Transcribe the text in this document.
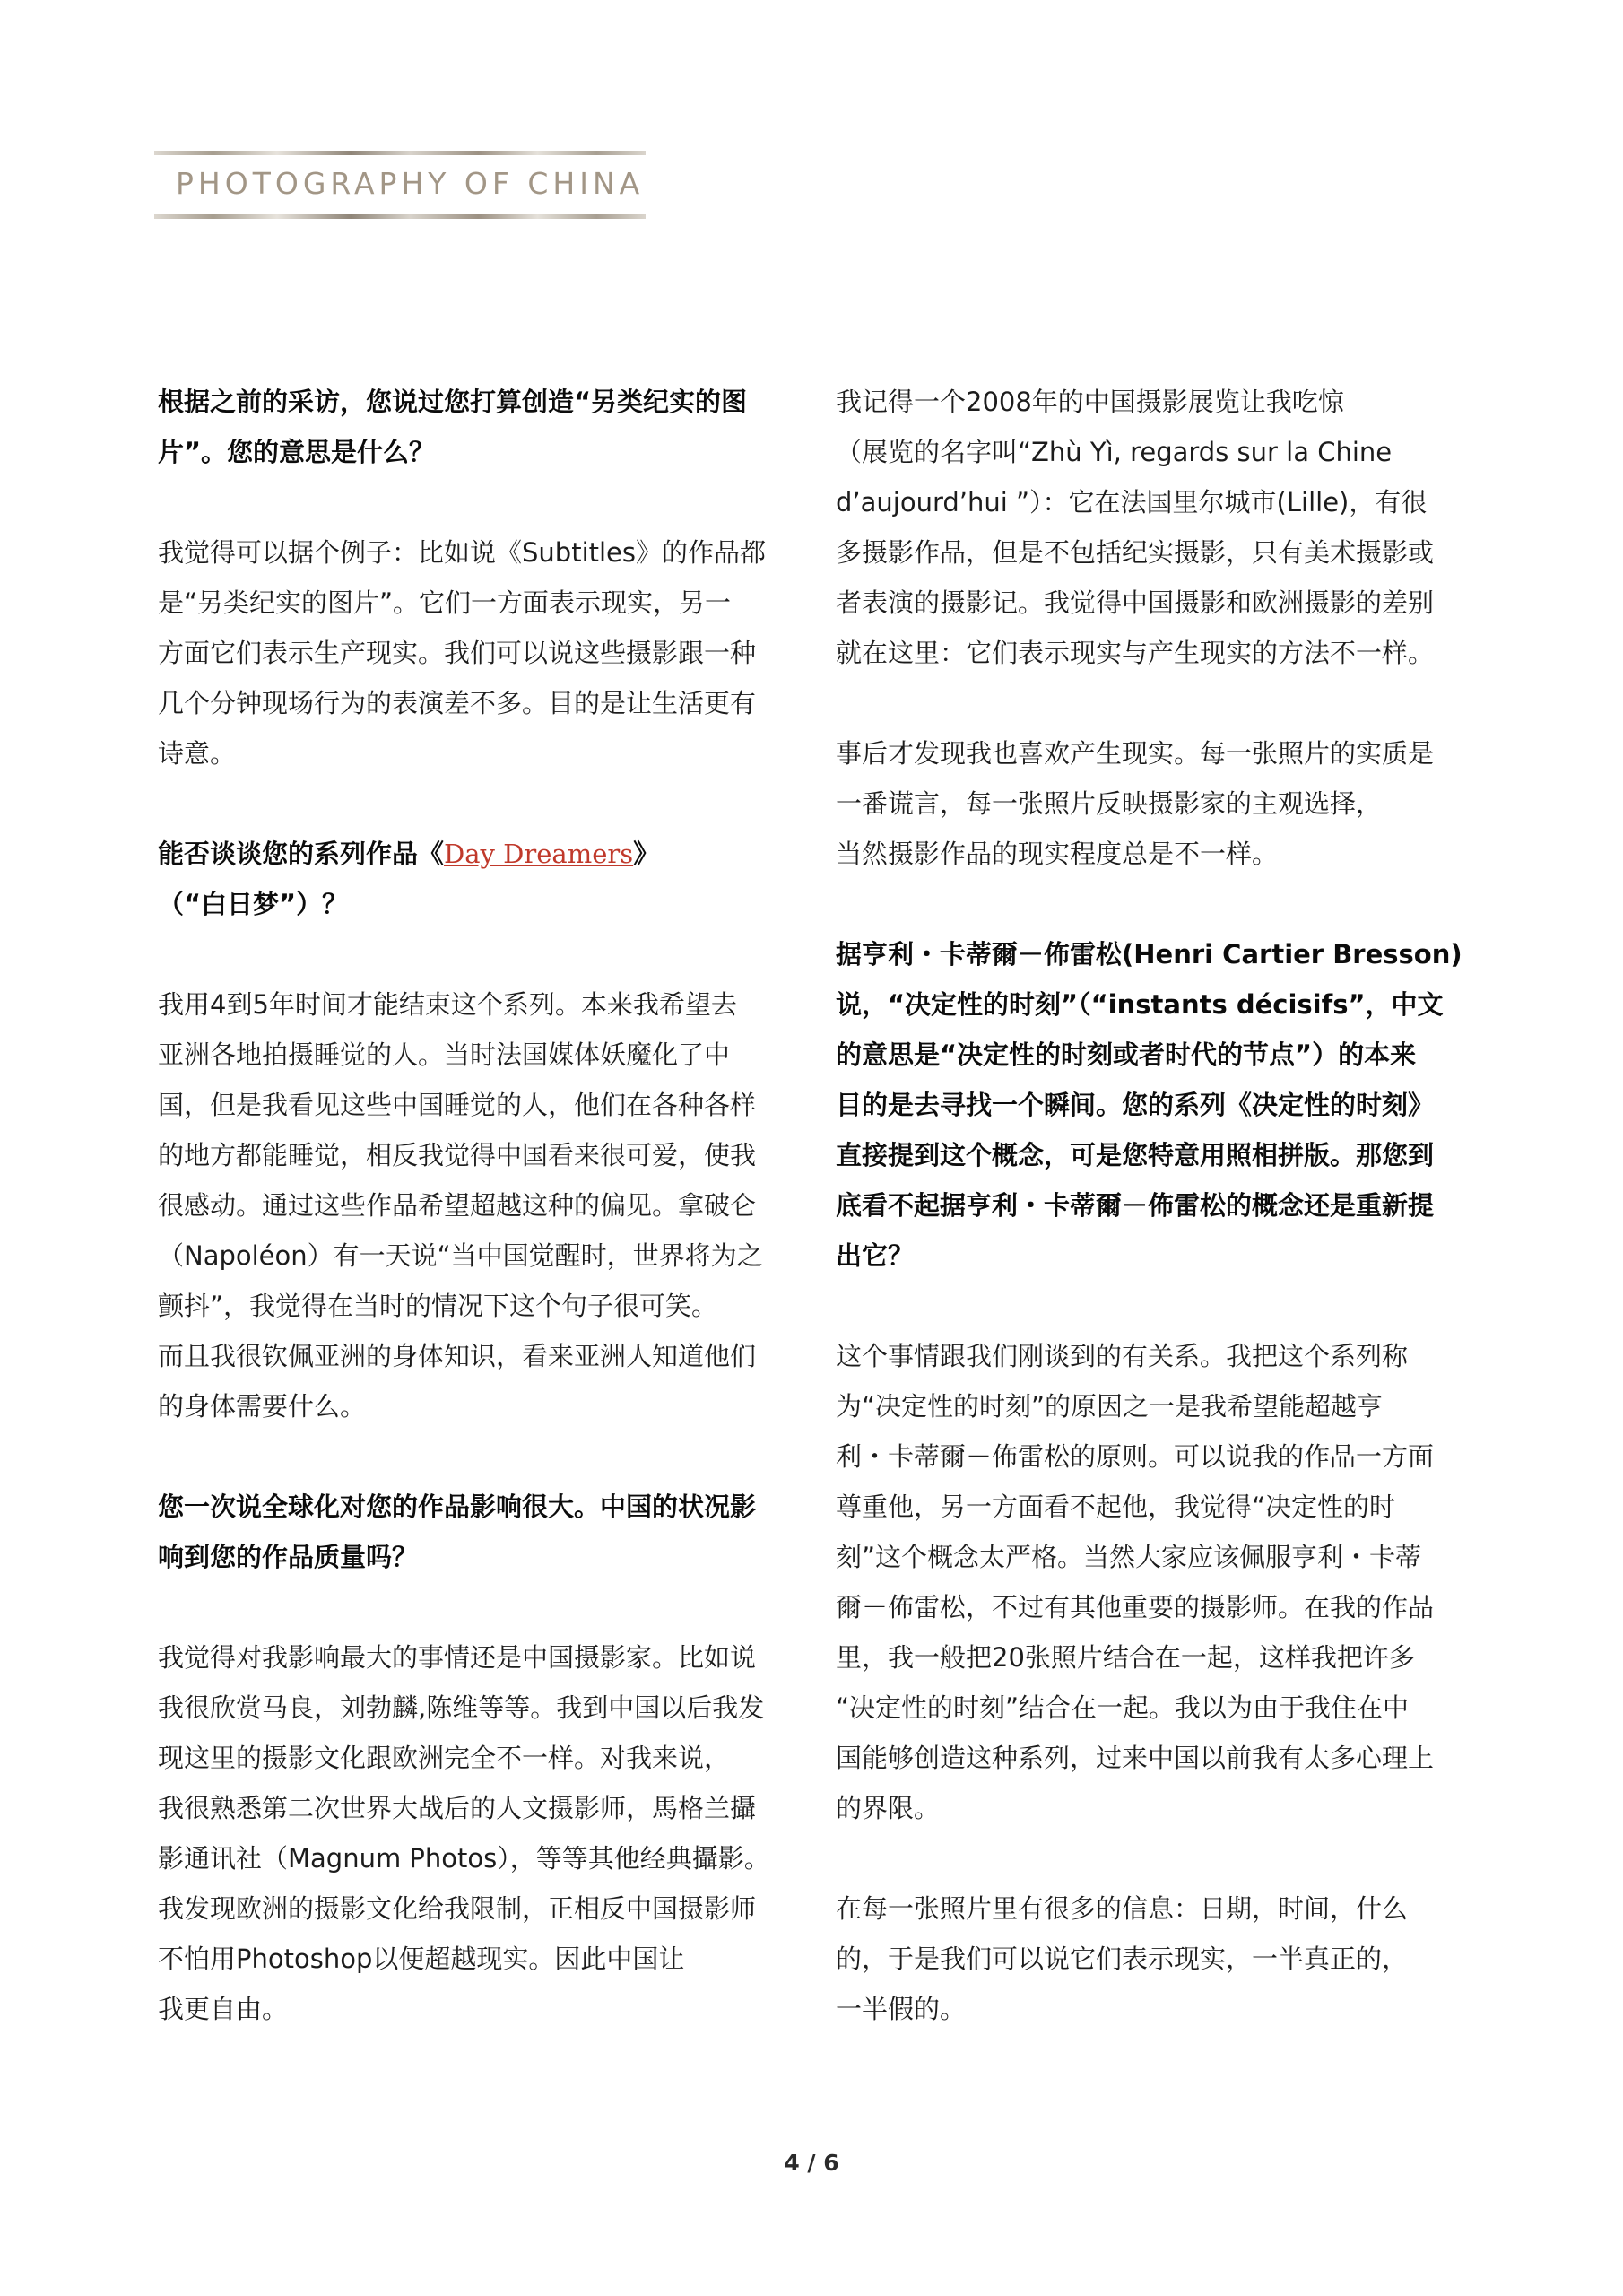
PHOTOGRAPHY OF CHINA

根据之前的采访，您说过您打算创造“另类纪实的图
片”。您的意思是什么？

我觉得可以据个例子：比如说《Subtitles》的作品都
是“另类纪实的图片”。它们一方面表示现实，另一
方面它们表示生产现实。我们可以说这些摄影跟一种
几个分钟现场行为的表演差不多。目的是让生活更有
诗意。

能否谈谈您的系列作品《Day Dreamers》
（“白日梦”）？

我用4到5年时间才能结束这个系列。本来我希望去
亚洲各地拍摄睡觉的人。当时法国媒体妖魔化了中
国，但是我看见这些中国睡觉的人，他们在各种各样
的地方都能睡觉，相反我觉得中国看来很可爱，使我
很感动。通过这些作品希望超越这种的偏见。拿破仑
（Napoléon）有一天说“当中国觉醒时，世界将为之
颤抖”，我觉得在当时的情况下这个句子很可笑。
而且我很钦佩亚洲的身体知识，看来亚洲人知道他们
的身体需要什么。

您一次说全球化对您的作品影响很大。中国的状况影
响到您的作品质量吗？

我觉得对我影响最大的事情还是中国摄影家。比如说
我很欣赏马良，刘勃麟,陈维等等。我到中国以后我发
现这里的摄影文化跟欧洲完全不一样。对我来说，
我很熟悉第二次世界大战后的人文摄影师，馬格兰攝
影通讯社（Magnum Photos），等等其他经典攝影。
我发现欧洲的摄影文化给我限制，正相反中国摄影师
不怕用Photoshop以便超越现实。因此中国让
我更自由。

我记得一个2008年的中国摄影展览让我吃惊
（展览的名字叫“Zhù Yì, regards sur la Chine
d’aujourd’hui ”）：它在法国里尔城市(Lille)，有很
多摄影作品，但是不包括纪实摄影，只有美术摄影或
者表演的摄影记。我觉得中国摄影和欧洲摄影的差别
就在这里：它们表示现实与产生现实的方法不一样。

事后才发现我也喜欢产生现实。每一张照片的实质是
一番谎言，每一张照片反映摄影家的主观选择，
当然摄影作品的现实程度总是不一样。

据亨利・卡蒂爾－佈雷松(Henri Cartier Bresson)
说，“决定性的时刻”（“instants décisifs”，中文
的意思是“决定性的时刻或者时代的节点”）的本来
目的是去寻找一个瞬间。您的系列《决定性的时刻》
直接提到这个概念，可是您特意用照相拼版。那您到
底看不起据亨利・卡蒂爾－佈雷松的概念还是重新提
出它？

这个事情跟我们刚谈到的有关系。我把这个系列称
为“决定性的时刻”的原因之一是我希望能超越亨
利・卡蒂爾－佈雷松的原则。可以说我的作品一方面
尊重他，另一方面看不起他，我觉得“决定性的时
刻”这个概念太严格。当然大家应该佩服亨利・卡蒂
爾－佈雷松，不过有其他重要的摄影师。在我的作品
里，我一般把20张照片结合在一起，这样我把许多
“决定性的时刻”结合在一起。我以为由于我住在中
国能够创造这种系列，过来中国以前我有太多心理上
的界限。

在每一张照片里有很多的信息：日期，时间，什么
的，于是我们可以说它们表示现实，一半真正的，
一半假的。

4 / 6
